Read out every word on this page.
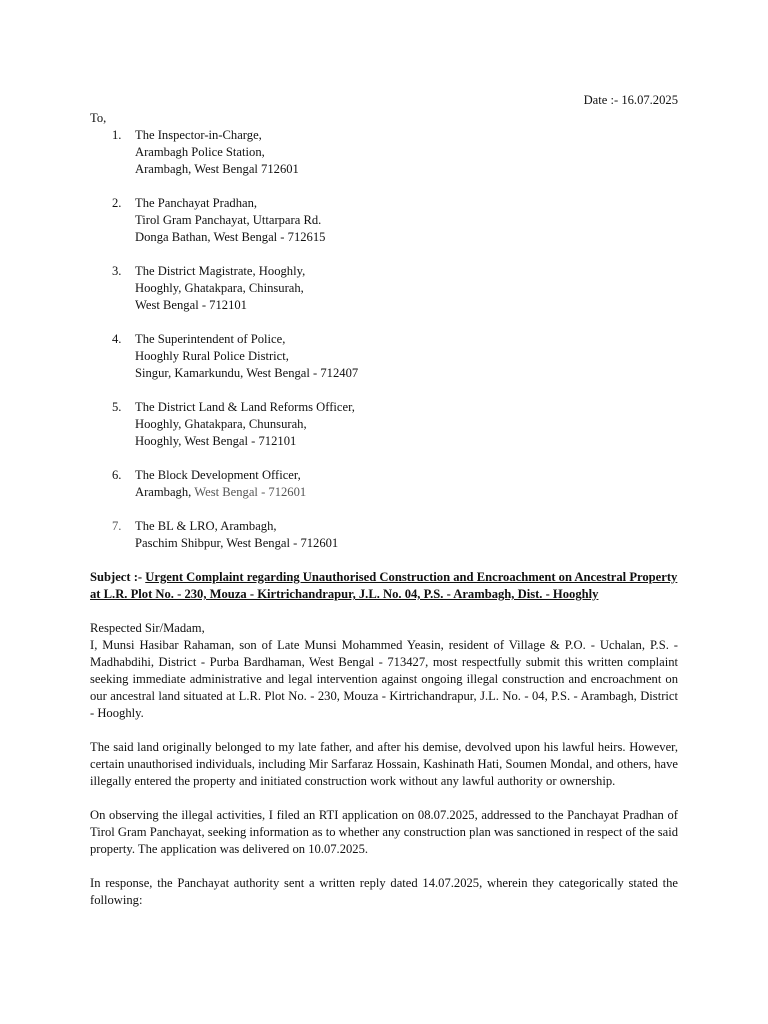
Date :- 16.07.2025
To,
1. The Inspector-in-Charge,
Arambagh Police Station,
Arambagh, West Bengal 712601
2. The Panchayat Pradhan,
Tirol Gram Panchayat, Uttarpara Rd.
Donga Bathan, West Bengal - 712615
3. The District Magistrate, Hooghly,
Hooghly, Ghatakpara, Chinsurah,
West Bengal - 712101
4. The Superintendent of Police,
Hooghly Rural Police District,
Singur, Kamarkundu, West Bengal - 712407
5. The District Land & Land Reforms Officer,
Hooghly, Ghatakpara, Chunsurah,
Hooghly, West Bengal - 712101
6. The Block Development Officer,
Arambagh, West Bengal - 712601
7. The BL & LRO, Arambagh,
Paschim Shibpur, West Bengal - 712601
Subject :- Urgent Complaint regarding Unauthorised Construction and Encroachment on Ancestral Property at L.R. Plot No. - 230, Mouza - Kirtrichandrapur, J.L. No. 04, P.S. - Arambagh, Dist. - Hooghly
Respected Sir/Madam,

I, Munsi Hasibar Rahaman, son of Late Munsi Mohammed Yeasin, resident of Village & P.O. - Uchalan, P.S. - Madhabdihi, District - Purba Bardhaman, West Bengal - 713427, most respectfully submit this written complaint seeking immediate administrative and legal intervention against ongoing illegal construction and encroachment on our ancestral land situated at L.R. Plot No. - 230, Mouza - Kirtrichandrapur, J.L. No. - 04, P.S. - Arambagh, District - Hooghly.

The said land originally belonged to my late father, and after his demise, devolved upon his lawful heirs. However, certain unauthorised individuals, including Mir Sarfaraz Hossain, Kashinath Hati, Soumen Mondal, and others, have illegally entered the property and initiated construction work without any lawful authority or ownership.

On observing the illegal activities, I filed an RTI application on 08.07.2025, addressed to the Panchayat Pradhan of Tirol Gram Panchayat, seeking information as to whether any construction plan was sanctioned in respect of the said property. The application was delivered on 10.07.2025.

In response, the Panchayat authority sent a written reply dated 14.07.2025, wherein they categorically stated the following:
